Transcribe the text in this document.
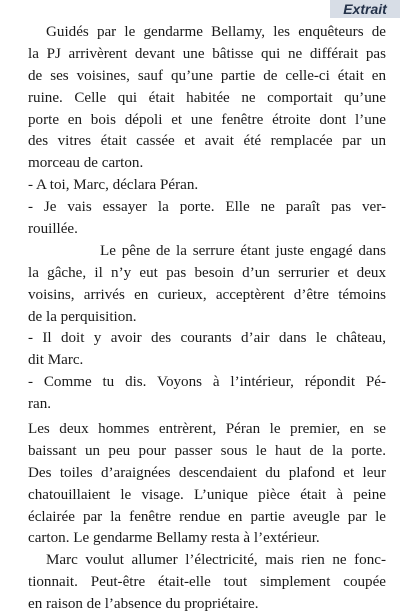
Extrait
Guidés par le gendarme Bellamy, les enquêteurs de
la PJ arrivèrent devant une bâtisse qui ne différait pas
de ses voisines, sauf qu’une partie de celle-ci était en
ruine. Celle qui était habitée ne comportait qu’une
porte en bois dépoli et une fenêtre étroite dont l’une
des vitres était cassée et avait été remplacée par un
morceau de carton.
- A toi, Marc, déclara Péran.
- Je vais essayer la porte. Elle ne paraît pas ver-
rouillée.
Le pêne de la serrure étant juste engagé dans
la gâche, il n’y eut pas besoin d’un serrurier et deux
voisins, arrivés en curieux, acceptèrent d’être témoins
de la perquisition.
- Il doit y avoir des courants d’air dans le château,
dit Marc.
- Comme tu dis. Voyons à l’intérieur, répondit Pé-
ran.
Les deux hommes entrèrent, Péran le premier, en se
baissant un peu pour passer sous le haut de la porte.
Des toiles d’araignées descendaient du plafond et leur
chatouillaient le visage. L’unique pièce était à peine
éclairée par la fenêtre rendue en partie aveugle par le
carton. Le gendarme Bellamy resta à l’extérieur.
Marc voulut allumer l’électricité, mais rien ne fonc-
tionnait. Peut-être était-elle tout simplement coupée
en raison de l’absence du propriétaire.
